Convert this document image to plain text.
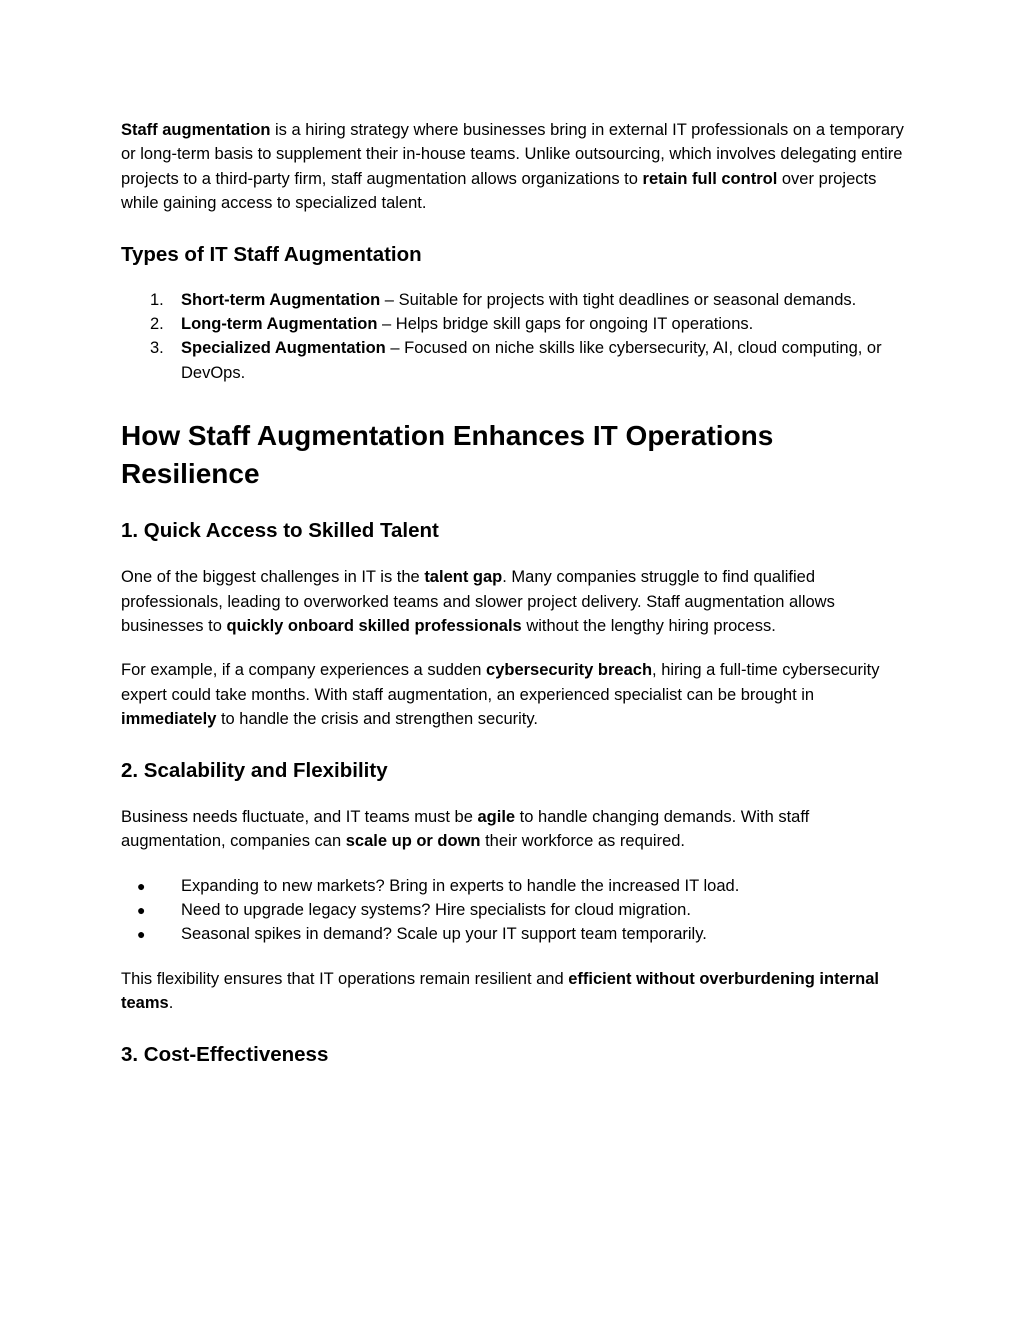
Staff augmentation is a hiring strategy where businesses bring in external IT professionals on a temporary or long-term basis to supplement their in-house teams. Unlike outsourcing, which involves delegating entire projects to a third-party firm, staff augmentation allows organizations to retain full control over projects while gaining access to specialized talent.

Types of IT Staff Augmentation
1. Short-term Augmentation – Suitable for projects with tight deadlines or seasonal demands.
2. Long-term Augmentation – Helps bridge skill gaps for ongoing IT operations.
3. Specialized Augmentation – Focused on niche skills like cybersecurity, AI, cloud computing, or DevOps.
How Staff Augmentation Enhances IT Operations Resilience
1. Quick Access to Skilled Talent

One of the biggest challenges in IT is the talent gap. Many companies struggle to find qualified professionals, leading to overworked teams and slower project delivery. Staff augmentation allows businesses to quickly onboard skilled professionals without the lengthy hiring process.

For example, if a company experiences a sudden cybersecurity breach, hiring a full-time cybersecurity expert could take months. With staff augmentation, an experienced specialist can be brought in immediately to handle the crisis and strengthen security.

2. Scalability and Flexibility

Business needs fluctuate, and IT teams must be agile to handle changing demands. With staff augmentation, companies can scale up or down their workforce as required.

● Expanding to new markets? Bring in experts to handle the increased IT load.
● Need to upgrade legacy systems? Hire specialists for cloud migration.
● Seasonal spikes in demand? Scale up your IT support team temporarily.

This flexibility ensures that IT operations remain resilient and efficient without overburdening internal teams.

3. Cost-Effectiveness
